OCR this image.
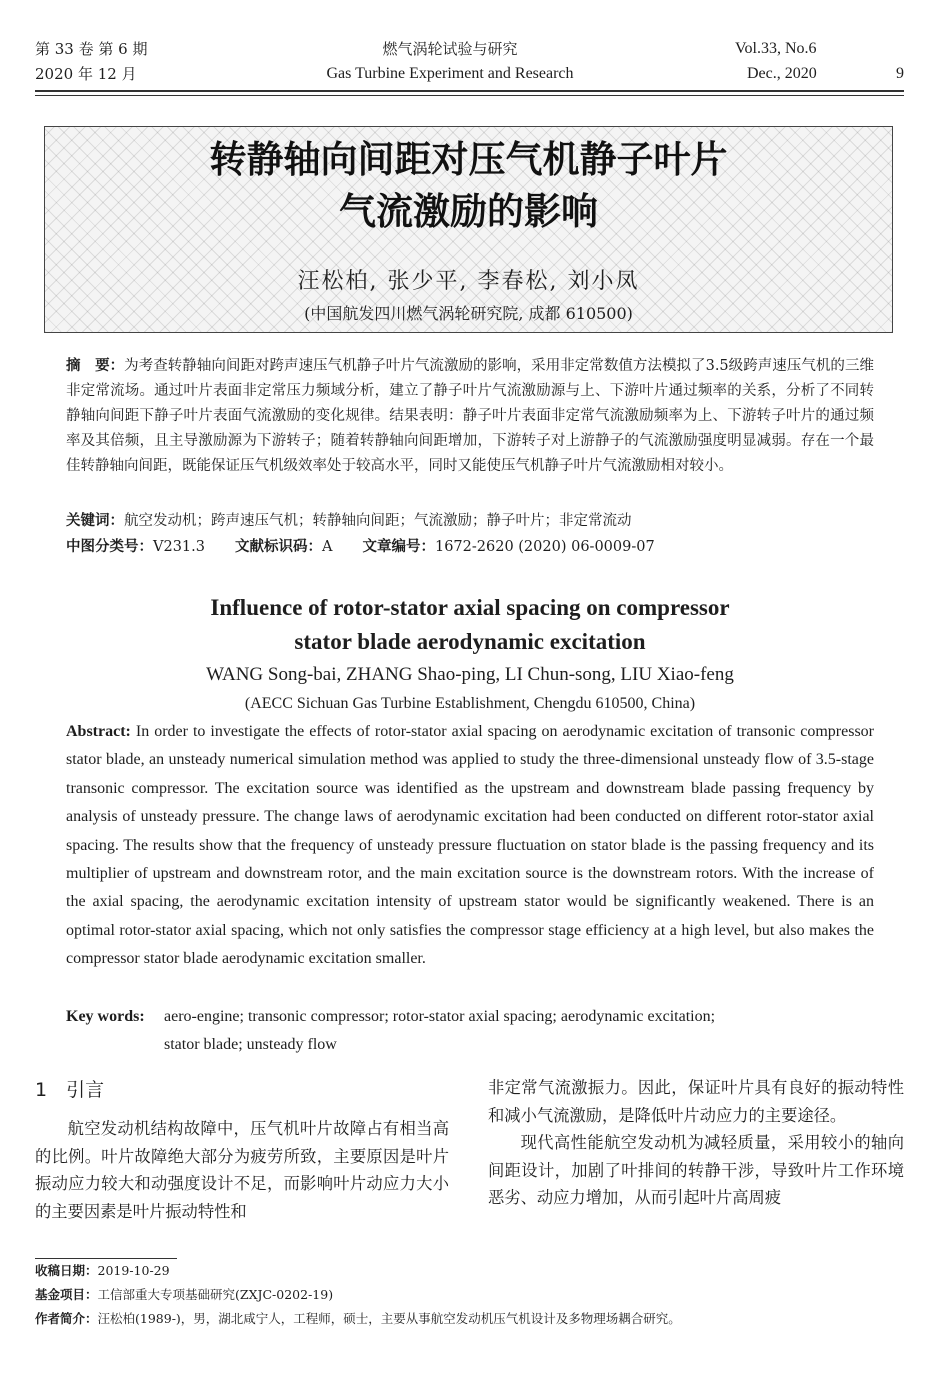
第 33 卷 第 6 期
2020 年 12 月
燃气涡轮试验与研究
Gas Turbine Experiment and Research
Vol.33, No.6
Dec., 2020	9
转静轴向间距对压气机静子叶片
气流激励的影响
汪松柏, 张少平, 李春松, 刘小凤
(中国航发四川燃气涡轮研究院, 成都 610500)
摘　要：为考查转静轴向间距对跨声速压气机静子叶片气流激励的影响，采用非定常数值方法模拟了3.5级跨声速压气机的三维非定常流场。通过叶片表面非定常压力频域分析，建立了静子叶片气流激励源与上、下游叶片通过频率的关系，分析了不同转静轴向间距下静子叶片表面气流激励的变化规律。结果表明：静子叶片表面非定常气流激励频率为上、下游转子叶片的通过频率及其倍频，且主导激励源为下游转子；随着转静轴向间距增加，下游转子对上游静子的气流激励强度明显减弱。存在一个最佳转静轴向间距，既能保证压气机级效率处于较高水平，同时又能使压气机静子叶片气流激励相对较小。
关键词：航空发动机；跨声速压气机；转静轴向间距；气流激励；静子叶片；非定常流动
中图分类号：V231.3 文献标识码：A 文章编号：1672-2620 (2020) 06-0009-07
Influence of rotor-stator axial spacing on compressor
stator blade aerodynamic excitation
WANG Song-bai, ZHANG Shao-ping, LI Chun-song, LIU Xiao-feng
(AECC Sichuan Gas Turbine Establishment, Chengdu 610500, China)
Abstract: In order to investigate the effects of rotor-stator axial spacing on aerodynamic excitation of transonic compressor stator blade, an unsteady numerical simulation method was applied to study the three-dimensional unsteady flow of 3.5-stage transonic compressor. The excitation source was identified as the upstream and downstream blade passing frequency by analysis of unsteady pressure. The change laws of aerodynamic excitation had been conducted on different rotor-stator axial spacing. The results show that the frequency of unsteady pressure fluctuation on stator blade is the passing frequency and its multiplier of upstream and downstream rotor, and the main excitation source is the downstream rotors. With the increase of the axial spacing, the aerodynamic excitation intensity of upstream stator would be significantly weakened. There is an optimal rotor-stator axial spacing, which not only satisfies the compressor stage efficiency at a high level, but also makes the compressor stator blade aerodynamic excitation smaller.
Key words: aero-engine; transonic compressor; rotor-stator axial spacing; aerodynamic excitation;
stator blade; unsteady flow
1　引言

航空发动机结构故障中，压气机叶片故障占有相当高的比例。叶片故障绝大部分为疲劳所致，主要原因是叶片振动应力较大和动强度设计不足，而影响叶片动应力大小的主要因素是叶片振动特性和

非定常气流激振力。因此，保证叶片具有良好的振动特性和减小气流激励，是降低叶片动应力的主要途径。

现代高性能航空发动机为减轻质量，采用较小的轴向间距设计，加剧了叶排间的转静干涉，导致叶片工作环境恶劣、动应力增加，从而引起叶片高周疲

收稿日期：2019-10-29
基金项目：工信部重大专项基础研究(ZXJC-0202-19)
作者简介：汪松柏(1989-)，男，湖北咸宁人，工程师，硕士，主要从事航空发动机压气机设计及多物理场耦合研究。
